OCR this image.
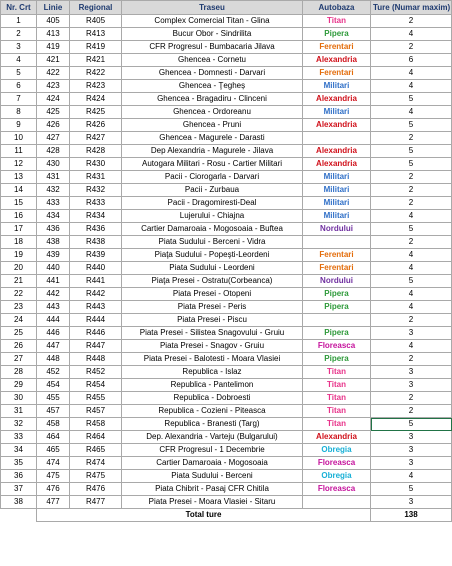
Nr. Crt	Linie	Regional	Traseu	Autobaza	Ture (Numar maxim)
1	405	R405	Complex Comercial Titan - Glina	Titan	2
2	413	R413	Bucur Obor - Sindrilita	Pipera	4
3	419	R419	CFR Progresul - Bumbacaria Jilava	Ferentari	2
4	421	R421	Ghencea - Cornetu	Alexandria	6
5	422	R422	Ghencea - Domnesti - Darvari	Ferentari	4
6	423	R423	Ghencea - Ţegheș	Militari	4
7	424	R424	Ghencea - Bragadiru - Clinceni	Alexandria	5
8	425	R425	Ghencea - Ordoreanu	Militari	4
9	426	R426	Ghencea - Pruni	Alexandria	5
10	427	R427	Ghencea - Magurele - Darasti		2
11	428	R428	Dep Alexandria - Magurele - Jilava	Alexandria	5
12	430	R430	Autogara Militari - Rosu - Cartier Militari	Alexandria	5
13	431	R431	Pacii - Ciorogarla - Darvari	Militari	2
14	432	R432	Pacii - Zurbaua	Militari	2
15	433	R433	Pacii - Dragomiresti-Deal	Militari	2
16	434	R434	Lujerului - Chiajna	Militari	4
17	436	R436	Cartier Damaroaia - Mogosoaia - Buftea	Nordului	5
18	438	R438	Piata Sudului - Berceni - Vidra		2
19	439	R439	Piaţa Sudului - Popeşti-Leordeni	Ferentari	4
20	440	R440	Piata Sudului - Leordeni	Ferentari	4
21	441	R441	Piaţa Presei - Ostratu(Corbeanca)	Nordului	5
22	442	R442	Piata Presei - Otopeni	Pipera	4
23	443	R443	Piata Presei - Peris	Pipera	4
24	444	R444	Piata Presei - Piscu		2
25	446	R446	Piata Presei - Silistea Snagovului - Gruiu	Pipera	3
26	447	R447	Piata Presei - Snagov - Gruiu	Floreasca	4
27	448	R448	Piata Presei - Balotesti - Moara Vlasiei	Pipera	2
28	452	R452	Republica - Islaz	Titan	3
29	454	R454	Republica - Pantelimon	Titan	3
30	455	R455	Republica - Dobroesti	Titan	2
31	457	R457	Republica - Cozieni - Piteasca	Titan	2
32	458	R458	Republica - Branesti (Targ)	Titan	5
33	464	R464	Dep. Alexandria - Varteju (Bulgarului)	Alexandria	3
34	465	R465	CFR Progresul - 1 Decembrie	Obregia	3
35	474	R474	Cartier Damaroaia - Mogosoaia	Floreasca	3
36	475	R475	Piata Sudului - Berceni	Obregia	4
37	476	R476	Piata Chibrit - Pasaj CFR Chitila	Floreasca	5
38	477	R477	Piata Presei - Moara Vlasiei - Sitaru		3
	Total ture				138
